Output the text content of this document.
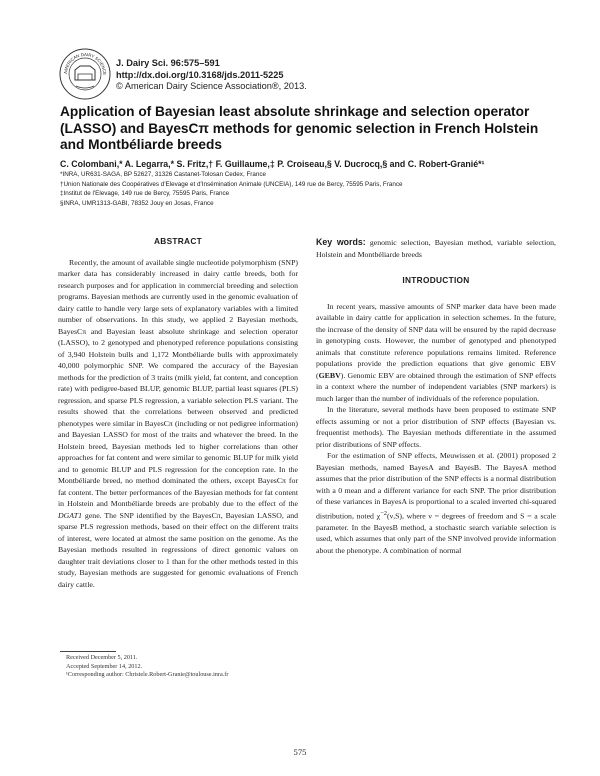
AMERICAN DAIRY SCIENCE
J. Dairy Sci. 96:575–591
http://dx.doi.org/10.3168/jds.2011-5225
© American Dairy Science Association®, 2013.
Application of Bayesian least absolute shrinkage and selection operator (LASSO) and BayesCπ methods for genomic selection in French Holstein and Montbéliarde breeds
C. Colombani,* A. Legarra,* S. Fritz,† F. Guillaume,‡ P. Croiseau,§ V. Ducrocq,§ and C. Robert-Granié*¹
*INRA, UR631-SAGA, BP 52627, 31326 Castanet-Tolosan Cedex, France
†Union Nationale des Coopératives d'Elevage et d'Insémination Animale (UNCEIA), 149 rue de Bercy, 75595 Paris, France
‡Institut de l'Elevage, 149 rue de Bercy, 75595 Paris, France
§INRA, UMR1313-GABI, 78352 Jouy en Josas, France
ABSTRACT

Recently, the amount of available single nucleotide polymorphism (SNP) marker data has considerably increased in dairy cattle breeds, both for research purposes and for application in commercial breeding and selection programs. Bayesian methods are currently used in the genomic evaluation of dairy cattle to handle very large sets of explanatory variables with a limited number of observations. In this study, we applied 2 Bayesian methods, BayesCπ and Bayesian least absolute shrinkage and selection operator (LASSO), to 2 genotyped and phenotyped reference populations consisting of 3,940 Holstein bulls and 1,172 Montbéliarde bulls with approximately 40,000 polymorphic SNP. We compared the accuracy of the Bayesian methods for the prediction of 3 traits (milk yield, fat content, and conception rate) with pedigree-based BLUP, genomic BLUP, partial least squares (PLS) regression, and sparse PLS regression, a variable selection PLS variant. The results showed that the correlations between observed and predicted phenotypes were similar in BayesCπ (including or not pedigree information) and Bayesian LASSO for most of the traits and whatever the breed. In the Holstein breed, Bayesian methods led to higher correlations than other approaches for fat content and were similar to genomic BLUP for milk yield and to genomic BLUP and PLS regression for the conception rate. In the Montbéliarde breed, no method dominated the others, except BayesCπ for fat content. The better performances of the Bayesian methods for fat content in Holstein and Montbéliarde breeds are probably due to the effect of the DGAT1 gene. The SNP identified by the BayesCπ, Bayesian LASSO, and sparse PLS regression methods, based on their effect on the different traits of interest, were located at almost the same position on the genome. As the Bayesian methods resulted in regressions of direct genomic values on daughter trait deviations closer to 1 than for the other methods tested in this study, Bayesian methods are suggested for genomic evaluations of French dairy cattle.

Key words: genomic selection, Bayesian method, variable selection, Holstein and Montbéliarde breeds

INTRODUCTION

In recent years, massive amounts of SNP marker data have been made available in dairy cattle for application in selection schemes. In the future, the increase of the density of SNP data will be ensured by the rapid decrease in genotyping costs. However, the number of genotyped and phenotyped animals that constitute reference populations remains limited. Reference populations provide the prediction equations that give genomic EBV (GEBV). Genomic EBV are obtained through the estimation of SNP effects in a context where the number of independent variables (SNP markers) is much larger than the number of individuals of the reference population.

In the literature, several methods have been proposed to estimate SNP effects assuming or not a prior distribution of SNP effects (Bayesian vs. frequentist methods). The Bayesian methods differentiate in the assumed prior distributions of SNP effects.

For the estimation of SNP effects, Meuwissen et al. (2001) proposed 2 Bayesian methods, named BayesA and BayesB. The BayesA method assumes that the prior distribution of the SNP effects is a normal distribution with a 0 mean and a different variance for each SNP. The prior distribution of these variances in BayesA is proportional to a scaled inverted chi-squared distribution, noted $\chi^{-2}(\nu,S)$, where ν = degrees of freedom and S = a scale parameter. In the BayesB method, a stochastic search variable selection is used, which assumes that only part of the SNP involved provide information about the phenotype. A combination of normal

Received December 5, 2011.
Accepted September 14, 2012.
¹Corresponding author: Christele.Robert-Granie@toulouse.inra.fr
575
